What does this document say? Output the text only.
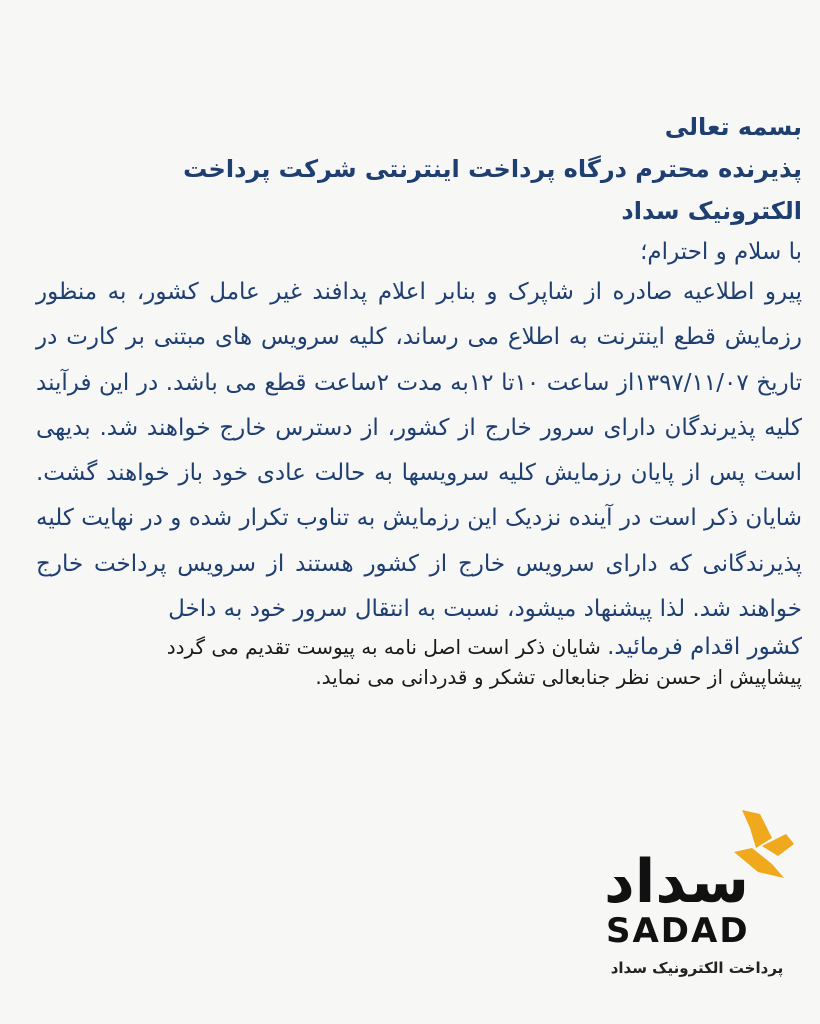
بسمه تعالی

پذیرنده محترم درگاه پرداخت اینترنتی شرکت پرداخت

الکترونیک سداد

با سلام و احترام؛

پیرو اطلاعیه صادره از شاپرک و بنابر اعلام پدافند غیر عامل کشور، به منظور رزمایش قطع اینترنت به اطلاع می رساند، کلیه سرویس های مبتنی بر کارت در تاریخ ۱۳۹۷/۱۱/۰۷از ساعت ۱۰تا ۱۲به مدت ۲ساعت قطع می باشد. در این فرآیند کلیه پذیرندگان دارای سرور خارج از کشور، از دسترس خارج خواهند شد. بدیهی است پس از پایان رزمایش کلیه سرویسها به حالت عادی خود باز خواهند گشت. شایان ذکر است در آینده نزدیک این رزمایش به تناوب تکرار شده و در نهایت کلیه پذیرندگانی که دارای سرویس خارج از کشور هستند از سرویس پرداخت خارج خواهند شد. لذا پیشنهاد میشود، نسبت به انتقال سرور خود به داخل

کشور اقدام فرمائید. شایان ذکر است اصل نامه به پیوست تقدیم می گردد

پیشاپیش از حسن نظر جنابعالی تشکر و قدردانی می نماید.

سداد
SADAD
پرداخت الکترونیک سداد
